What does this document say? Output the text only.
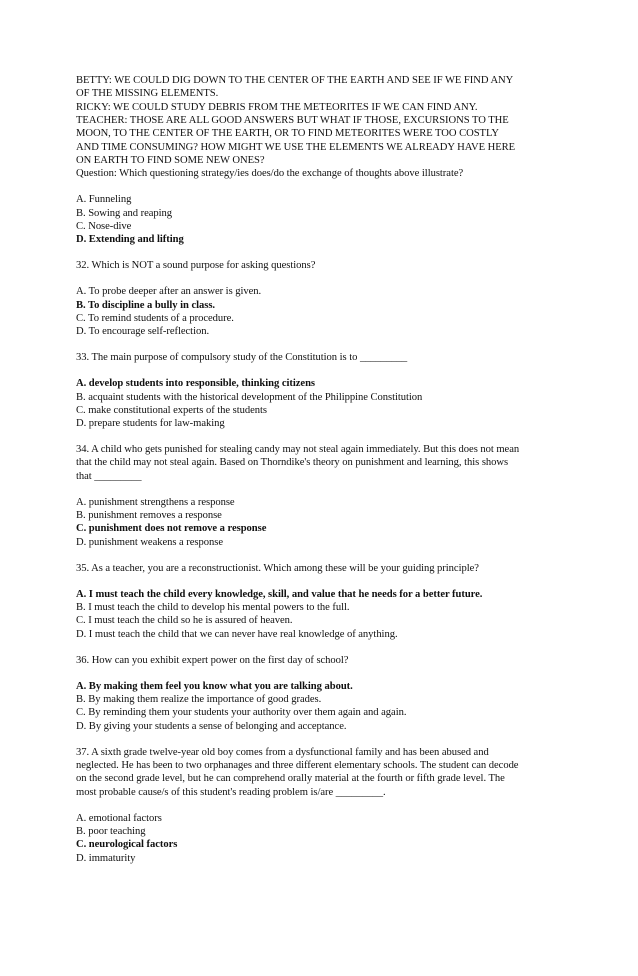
BETTY: WE COULD DIG DOWN TO THE CENTER OF THE EARTH AND SEE IF WE FIND ANY
OF THE MISSING ELEMENTS.
RICKY: WE COULD STUDY DEBRIS FROM THE METEORITES IF WE CAN FIND ANY.
TEACHER: THOSE ARE ALL GOOD ANSWERS BUT WHAT IF THOSE, EXCURSIONS TO THE
MOON, TO THE CENTER OF THE EARTH, OR TO FIND METEORITES WERE TOO COSTLY
AND TIME CONSUMING? HOW MIGHT WE USE THE ELEMENTS WE ALREADY HAVE HERE
ON EARTH TO FIND SOME NEW ONES?
Question: Which questioning strategy/ies does/do the exchange of thoughts above illustrate?
A. Funneling
B. Sowing and reaping
C. Nose-dive
D. Extending and lifting
32. Which is NOT a sound purpose for asking questions?
A. To probe deeper after an answer is given.
B. To discipline a bully in class.
C. To remind students of a procedure.
D. To encourage self-reflection.
33. The main purpose of compulsory study of the Constitution is to _________
A. develop students into responsible, thinking citizens
B. acquaint students with the historical development of the Philippine Constitution
C. make constitutional experts of the students
D. prepare students for law-making
34. A child who gets punished for stealing candy may not steal again immediately. But this does not mean
that the child may not steal again. Based on Thorndike's theory on punishment and learning, this shows
that _________
A. punishment strengthens a response
B. punishment removes a response
C. punishment does not remove a response
D. punishment weakens a response
35. As a teacher, you are a reconstructionist. Which among these will be your guiding principle?
A. I must teach the child every knowledge, skill, and value that he needs for a better future.
B. I must teach the child to develop his mental powers to the full.
C. I must teach the child so he is assured of heaven.
D. I must teach the child that we can never have real knowledge of anything.
36. How can you exhibit expert power on the first day of school?
A. By making them feel you know what you are talking about.
B. By making them realize the importance of good grades.
C. By reminding them your students your authority over them again and again.
D. By giving your students a sense of belonging and acceptance.
37. A sixth grade twelve-year old boy comes from a dysfunctional family and has been abused and
neglected. He has been to two orphanages and three different elementary schools. The student can decode
on the second grade level, but he can comprehend orally material at the fourth or fifth grade level. The
most probable cause/s of this student's reading problem is/are _________.
A. emotional factors
B. poor teaching
C. neurological factors
D. immaturity
